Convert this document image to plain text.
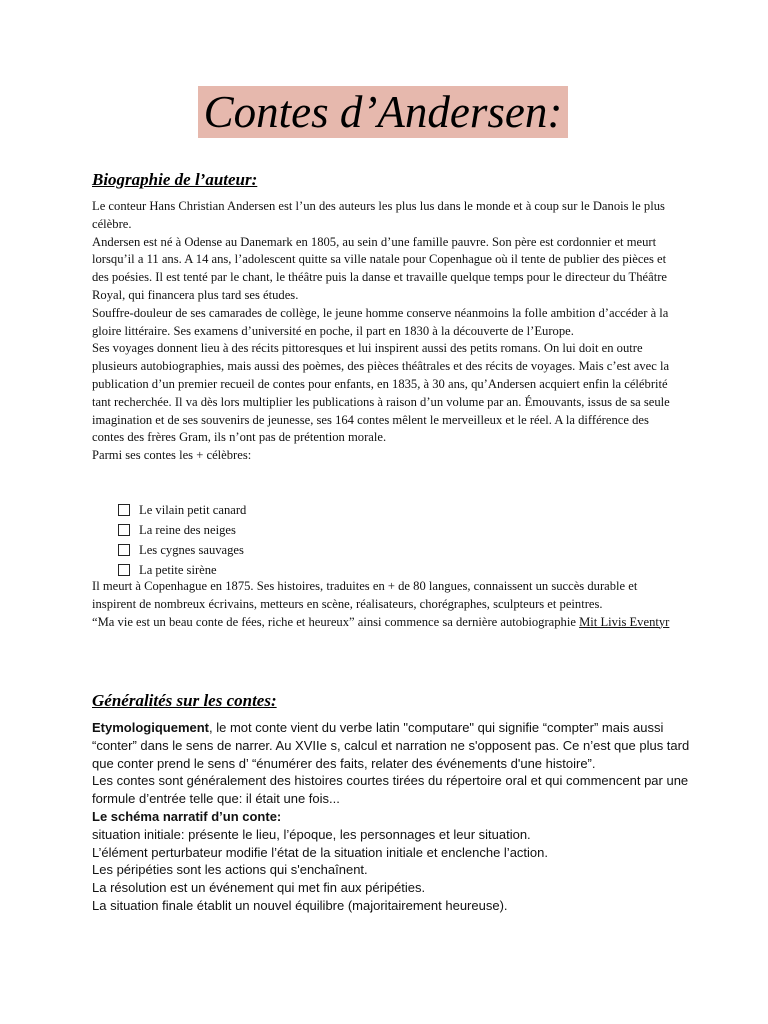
Contes d’Andersen:
Biographie de l’auteur:

Le conteur Hans Christian Andersen est l’un des auteurs les plus lus dans le monde et à coup sur le Danois le plus célèbre.

Andersen est né à Odense au Danemark en 1805, au sein d’une famille pauvre. Son père est cordonnier et meurt lorsqu’il a 11 ans. A 14 ans, l’adolescent quitte sa ville natale pour Copenhague où il tente de publier des pièces et des poésies. Il est tenté par le chant, le théâtre puis la danse et travaille quelque temps pour le directeur du Théâtre Royal, qui financera plus tard ses études.

Souffre-douleur de ses camarades de collège, le jeune homme conserve néanmoins la folle ambition d’accéder à la gloire littéraire. Ses examens d’université en poche, il part en 1830 à la découverte de l’Europe.

Ses voyages donnent lieu à des récits pittoresques et lui inspirent aussi des petits romans. On lui doit en outre plusieurs autobiographies, mais aussi des poèmes, des pièces théâtrales et des récits de voyages. Mais c’est avec la publication d’un premier recueil de contes pour enfants, en 1835, à 30 ans, qu’Andersen acquiert enfin la célébrité tant recherchée. Il va dès lors multiplier les publications à raison d’un volume par an. Émouvants, issus de sa seule imagination et de ses souvenirs de jeunesse, ses 164 contes mêlent le merveilleux et le réel. A la différence des contes des frères Gram, ils n’ont pas de prétention morale.

Parmi ses contes les + célèbres:

Le vilain petit canard
La reine des neiges
Les cygnes sauvages
La petite sirène

Il meurt à Copenhague en 1875. Ses histoires, traduites en + de 80 langues, connaissent un succès durable et inspirent de nombreux écrivains, metteurs en scène, réalisateurs, chorégraphes, sculpteurs et peintres.

“Ma vie est un beau conte de fées, riche et heureux” ainsi commence sa dernière autobiographie Mit Livis Eventyr

Généralités sur les contes:

Etymologiquement, le mot conte vient du verbe latin "computare" qui signifie “compter” mais aussi “conter” dans le sens de narrer. Au XVIIe s, calcul et narration ne s'opposent pas. Ce n’est que plus tard que conter prend le sens d’ “énumérer des faits, relater des événements d'une histoire”.

Les contes sont généralement des histoires courtes tirées du répertoire oral et qui commencent par une formule d’entrée telle que: il était une fois...

Le schéma narratif d’un conte:

situation initiale: présente le lieu, l’époque, les personnages et leur situation.

L’élément perturbateur modifie l’état de la situation initiale et enclenche l’action.

Les péripéties sont les actions qui s'enchaînent.

La résolution est un événement qui met fin aux péripéties.

La situation finale établit un nouvel équilibre (majoritairement heureuse).
